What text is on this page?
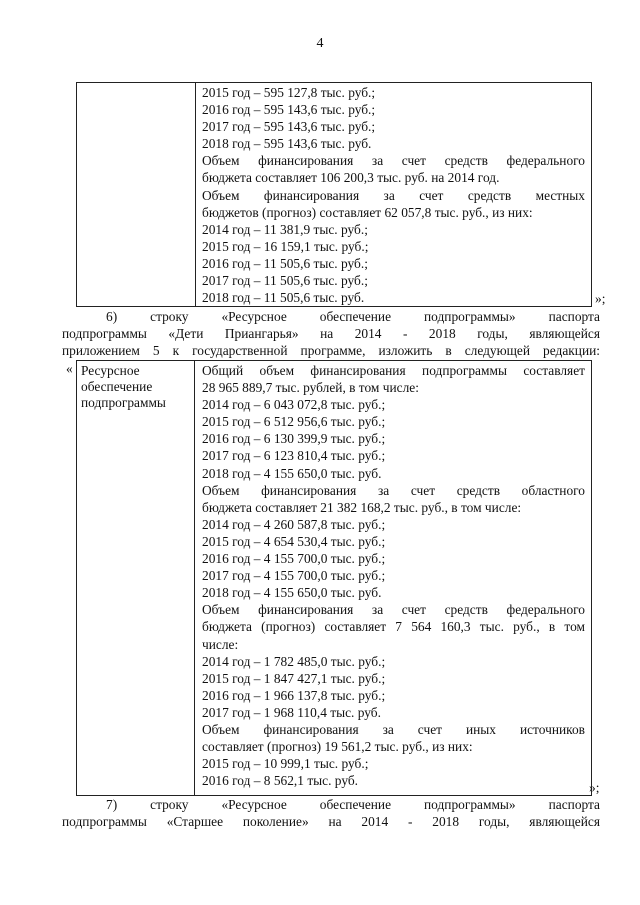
4
2015 год – 595 127,8 тыс. руб.;
2016 год – 595 143,6 тыс. руб.;
2017 год – 595 143,6 тыс. руб.;
2018 год – 595 143,6 тыс. руб.
Объем финансирования за счет средств федерального
бюджета составляет 106 200,3 тыс. руб. на 2014 год.
Объем финансирования за счет средств местных
бюджетов (прогноз) составляет 62 057,8 тыс. руб., из них:
2014 год – 11 381,9 тыс. руб.;
2015 год – 16 159,1 тыс. руб.;
2016 год – 11 505,6 тыс. руб.;
2017 год – 11 505,6 тыс. руб.;
2018 год – 11 505,6 тыс. руб.	»;
6) строку «Ресурсное обеспечение подпрограммы» паспорта
подпрограммы «Дети Приангарья» на 2014 - 2018 годы, являющейся
приложением 5 к государственной программе, изложить в следующей редакции:
« Ресурсное
обеспечение
подпрограммы
Общий объем финансирования подпрограммы составляет
28 965 889,7 тыс. рублей, в том числе:
2014 год – 6 043 072,8 тыс. руб.;
2015 год – 6 512 956,6 тыс. руб.;
2016 год – 6 130 399,9 тыс. руб.;
2017 год – 6 123 810,4 тыс. руб.;
2018 год – 4 155 650,0 тыс. руб.
Объем финансирования за счет средств областного
бюджета составляет 21 382 168,2 тыс. руб., в том числе:
2014 год – 4 260 587,8 тыс. руб.;
2015 год – 4 654 530,4 тыс. руб.;
2016 год – 4 155 700,0 тыс. руб.;
2017 год – 4 155 700,0 тыс. руб.;
2018 год – 4 155 650,0 тыс. руб.
Объем финансирования за счет средств федерального
бюджета (прогноз) составляет 7 564 160,3 тыс. руб., в том
числе:
2014 год – 1 782 485,0 тыс. руб.;
2015 год – 1 847 427,1 тыс. руб.;
2016 год – 1 966 137,8 тыс. руб.;
2017 год – 1 968 110,4 тыс. руб.
Объем финансирования за счет иных источников
составляет (прогноз) 19 561,2 тыс. руб., из них:
2015 год – 10 999,1 тыс. руб.;
2016 год – 8 562,1 тыс. руб.	»;
7) строку «Ресурсное обеспечение подпрограммы» паспорта
подпрограммы «Старшее поколение» на 2014 - 2018 годы, являющейся
